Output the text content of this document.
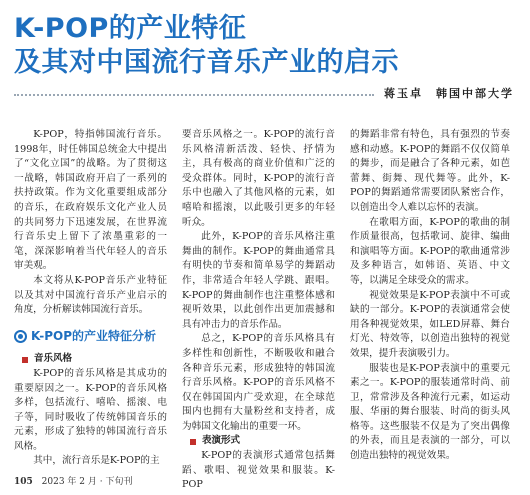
K-POP的产业特征
及其对中国流行音乐产业的启示
蒋玉卓　韩国中部大学

K-POP，特指韩国流行音乐。1998年，时任韩国总统金大中提出了“文化立国”的战略。为了贯彻这一战略，韩国政府开启了一系列的扶持政策。作为文化重要组成部分的音乐，在政府娱乐文化产业人员的共同努力下迅速发展，在世界流行音乐史上留下了浓墨重彩的一笔，深深影响着当代年轻人的音乐审美观。

本文将从K-POP音乐产业特征以及其对中国流行音乐产业启示的角度，分析解读韩国流行音乐。

K-POP的产业特征分析
音乐风格

K-POP的音乐风格是其成功的重要原因之一。K-POP的音乐风格多样，包括流行、嘻哈、摇滚、电子等，同时吸收了传统韩国音乐的元素，形成了独特的韩国流行音乐风格。

其中，流行音乐是K-POP的主

要音乐风格之一。K-POP的流行音乐风格清新活泼、轻快、抒情为主，具有极高的商业价值和广泛的受众群体。同时，K-POP的流行音乐中也融入了其他风格的元素，如嘻哈和摇滚，以此吸引更多的年轻听众。

此外，K-POP的音乐风格注重舞曲的制作。K-POP的舞曲通常具有明快的节奏和简单易学的舞蹈动作，非常适合年轻人学跳、跟唱。K-POP的舞曲制作也注重整体感和视听效果，以此创作出更加震撼和具有冲击力的音乐作品。

总之，K-POP的音乐风格具有多样性和创新性，不断吸收和融合各种音乐元素，形成独特的韩国流行音乐风格。K-POP的音乐风格不仅在韩国国内广受欢迎，在全球范围内也拥有大量粉丝和支持者，成为韩国文化输出的重要一环。

表演形式

K-POP的表演形式通常包括舞蹈、歌唱、视觉效果和服装。K-POP

的舞蹈非常有特色，具有强烈的节奏感和动感。K-POP的舞蹈不仅仅简单的舞步，而是融合了各种元素，如芭蕾舞、街舞、现代舞等。此外，K-POP的舞蹈通常需要团队紧密合作，以创造出令人难以忘怀的表演。

在歌唱方面，K-POP的歌曲的制作质量很高，包括歌词、旋律、编曲和演唱等方面。K-POP的歌曲通常涉及多种语言，如韩语、英语、中文等，以满足全球受众的需求。

视觉效果是K-POP表演中不可或缺的一部分。K-POP的表演通常会使用各种视觉效果，如LED屏幕、舞台灯光、特效等，以创造出独特的视觉效果，提升表演吸引力。

服装也是K-POP表演中的重要元素之一。K-POP的服装通常时尚、前卫，常常涉及各种流行元素，如运动服、华丽的舞台服装、时尚的街头风格等。这些服装不仅是为了突出偶像的外表，而且是表演的一部分，可以创造出独特的视觉效果。

105 2023 年 2 月 · 下旬刊
